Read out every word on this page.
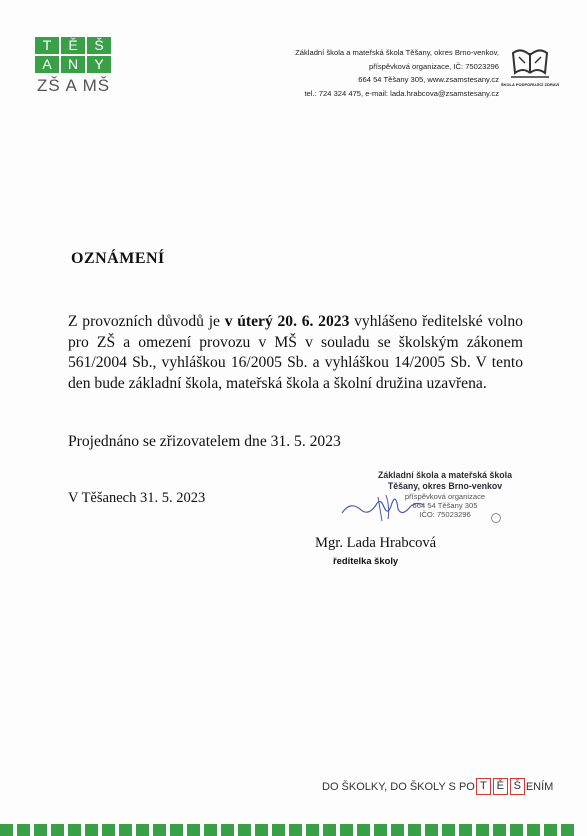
T	Ě	Š
A	N	Y
ZŠ A MŠ
Základní škola a mateřská škola Těšany, okres Brno-venkov,
příspěvková organizace, IČ: 75023296
664 54 Těšany 305, www.zsamstesany.cz
tel.: 724 324 475, e-mail: lada.hrabcova@zsamstesany.cz
ŠKOLA PODPORUJÍCÍ ZDRAVÍ
OZNÁMENÍ
Z provozních důvodů je v úterý 20. 6. 2023 vyhlášeno ředitelské volno pro ZŠ a omezení provozu v MŠ v souladu se školským zákonem 561/2004 Sb., vyhláškou 16/2005 Sb. a vyhláškou 14/2005 Sb. V tento den bude základní škola, mateřská škola a školní družina uzavřena.
Projednáno se zřizovatelem dne 31. 5. 2023
V Těšanech 31. 5. 2023
Základní škola a mateřská škola
Těšany, okres Brno-venkov
příspěvková organizace
664 54 Těšany 305
IČO: 75023296
Mgr. Lada Hrabcová
ředitelka školy
DO ŠKOLKY, DO ŠKOLY S PO T Ě Š ENÍM
